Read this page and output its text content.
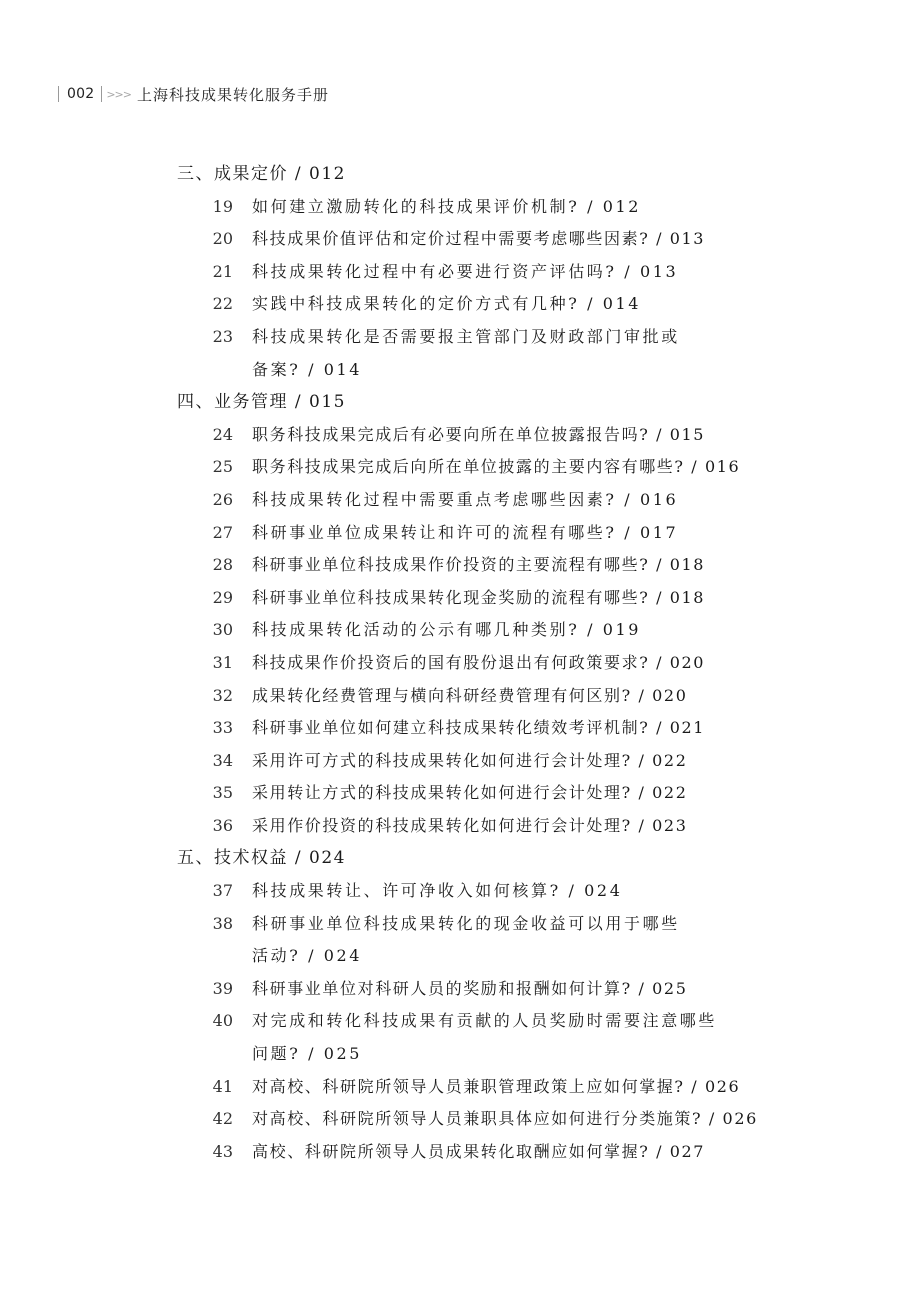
002 >>> 上海科技成果转化服务手册
三、成果定价 / 012
19 如何建立激励转化的科技成果评价机制? / 012
20 科技成果价值评估和定价过程中需要考虑哪些因素? / 013
21 科技成果转化过程中有必要进行资产评估吗? / 013
22 实践中科技成果转化的定价方式有几种? / 014
23 科技成果转化是否需要报主管部门及财政部门审批或
备案? / 014
四、业务管理 / 015
24 职务科技成果完成后有必要向所在单位披露报告吗? / 015
25 职务科技成果完成后向所在单位披露的主要内容有哪些? / 016
26 科技成果转化过程中需要重点考虑哪些因素? / 016
27 科研事业单位成果转让和许可的流程有哪些? / 017
28 科研事业单位科技成果作价投资的主要流程有哪些? / 018
29 科研事业单位科技成果转化现金奖励的流程有哪些? / 018
30 科技成果转化活动的公示有哪几种类别? / 019
31 科技成果作价投资后的国有股份退出有何政策要求? / 020
32 成果转化经费管理与横向科研经费管理有何区别? / 020
33 科研事业单位如何建立科技成果转化绩效考评机制? / 021
34 采用许可方式的科技成果转化如何进行会计处理? / 022
35 采用转让方式的科技成果转化如何进行会计处理? / 022
36 采用作价投资的科技成果转化如何进行会计处理? / 023
五、技术权益 / 024
37 科技成果转让、许可净收入如何核算? / 024
38 科研事业单位科技成果转化的现金收益可以用于哪些
活动? / 024
39 科研事业单位对科研人员的奖励和报酬如何计算? / 025
40 对完成和转化科技成果有贡献的人员奖励时需要注意哪些
问题? / 025
41 对高校、科研院所领导人员兼职管理政策上应如何掌握? / 026
42 对高校、科研院所领导人员兼职具体应如何进行分类施策? / 026
43 高校、科研院所领导人员成果转化取酬应如何掌握? / 027
